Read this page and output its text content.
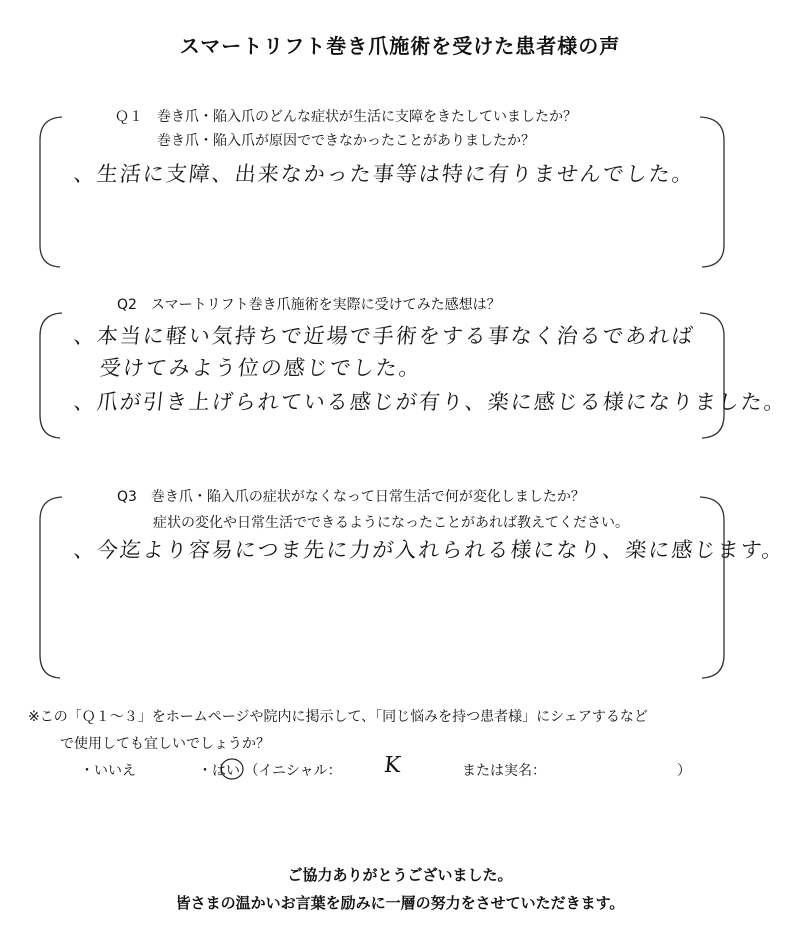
スマートリフト巻き爪施術を受けた患者様の声
Ｑ１　巻き爪・陥入爪のどんな症状が生活に支障をきたしていましたか？
巻き爪・陥入爪が原因でできなかったことがありましたか？
、生活に支障、出来なかった事等は特に有りませんでした。
Q2　スマートリフト巻き爪施術を実際に受けてみた感想は？
、本当に軽い気持ちで近場で手術をする事なく治るであれば
受けてみよう位の感じでした。
、爪が引き上げられている感じが有り、楽に感じる様になりました。
Q3　巻き爪・陥入爪の症状がなくなって日常生活で何が変化しましたか？
症状の変化や日常生活でできるようになったことがあれば教えてください。
、今迄より容易につま先に力が入れられる様になり、楽に感じます。
※この「Ｑ１～３」をホームページや院内に掲示して、「同じ悩みを持つ患者様」にシェアするなど
で使用しても宜しいでしょうか？
・いいえ	・はい （イニシャル： K	または実名：	）
ご協力ありがとうございました。
皆さまの温かいお言葉を励みに一層の努力をさせていただきます。
